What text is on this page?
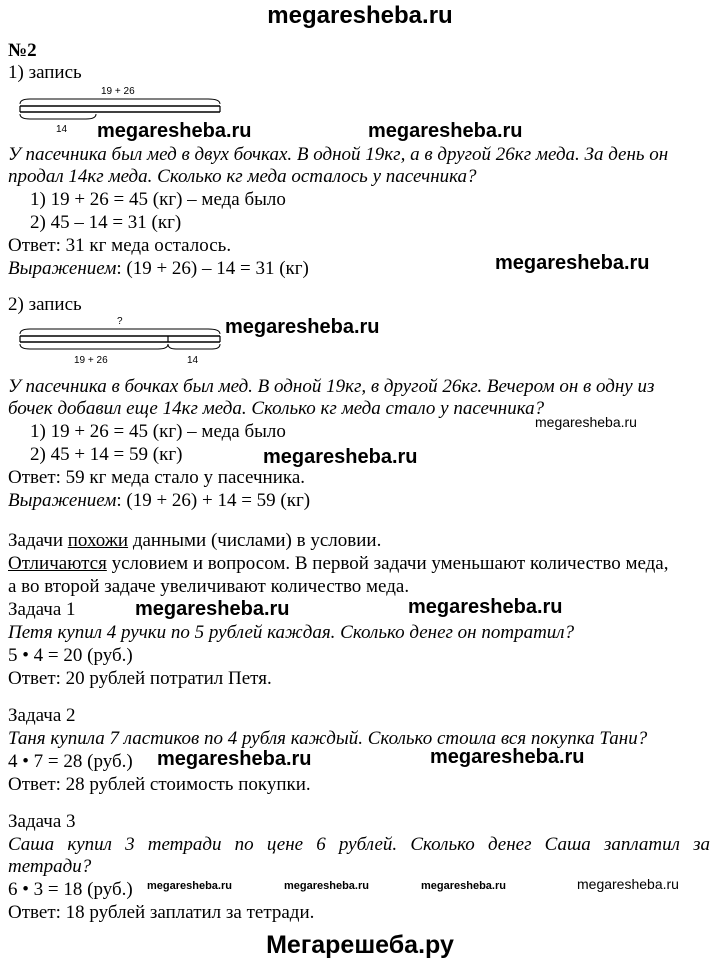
megaresheba.ru
№2
1) запись
19 + 26
14 megaresheba.ru	megaresheba.ru
У пасечника был мед в двух бочках. В одной 19кг, а в другой 26кг меда. За день он
продал 14кг меда. Сколько кг меда осталось у пасечника?
1) 19 + 26 = 45 (кг) – меда было
2) 45 – 14 = 31 (кг)
Ответ: 31 кг меда осталось.
Выражением: (19 + 26) – 14 = 31 (кг)	megaresheba.ru
2) запись
?
19 + 26	14
megaresheba.ru
У пасечника в бочках был мед. В одной 19кг, в другой 26кг. Вечером он в одну из
бочек добавил еще 14кг меда. Сколько кг меда стало у пасечника?
megaresheba.ru
1) 19 + 26 = 45 (кг) – меда было
2) 45 + 14 = 59 (кг)	megaresheba.ru
Ответ: 59 кг меда стало у пасечника.
Выражением: (19 + 26) + 14 = 59 (кг)
Задачи похожи данными (числами) в условии.
Отличаются условием и вопросом. В первой задачи уменьшают количество меда,
а во второй задаче увеличивают количество меда.
Задача 1	megaresheba.ru	megaresheba.ru
Петя купил 4 ручки по 5 рублей каждая. Сколько денег он потратил?
5 • 4 = 20 (руб.)
Ответ: 20 рублей потратил Петя.
Задача 2
Таня купила 7 ластиков по 4 рубля каждый. Сколько стоила вся покупка Тани?
megaresheba.ru
4 • 7 = 28 (руб.) megaresheba.ru
Ответ: 28 рублей стоимость покупки.
Задача 3
Саша купил 3 тетради по цене 6 рублей. Сколько денег Саша заплатил за
тетради?
6 • 3 = 18 (руб.) megaresheba.ru	megaresheba.ru	megaresheba.ru	megaresheba.ru
Ответ: 18 рублей заплатил за тетради.
Мегарешеба.ру
